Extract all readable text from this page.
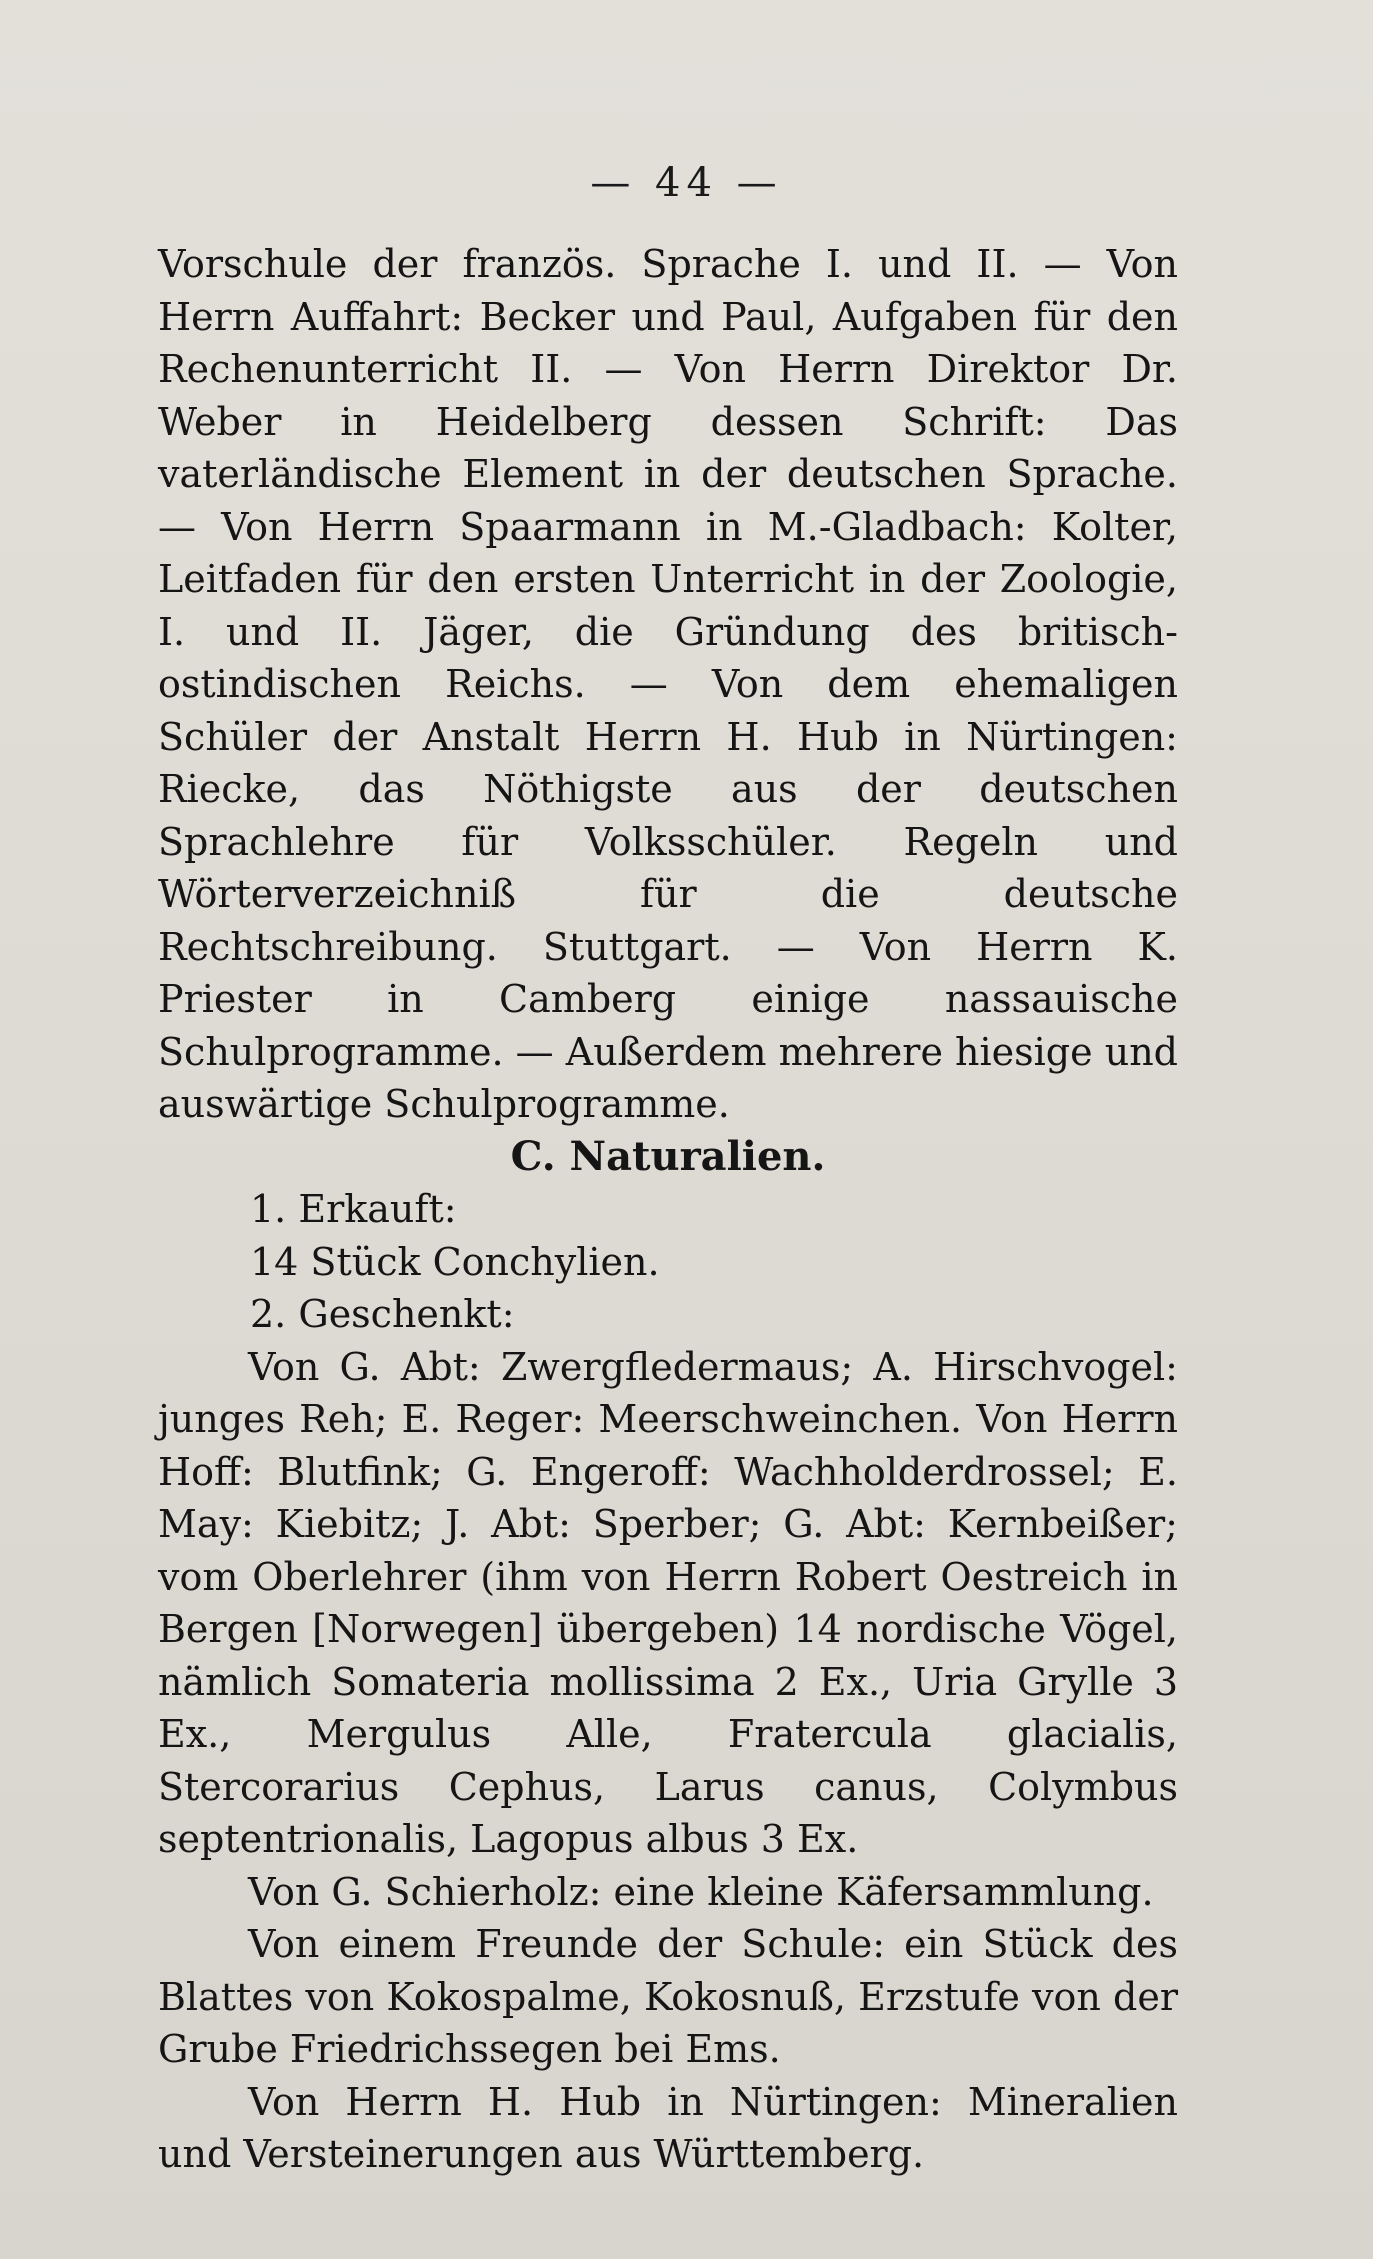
— 44 —

Vorschule der französ. Sprache I. und II. — Von Herrn Auffahrt: Becker und Paul, Aufgaben für den Rechenunterricht II. — Von Herrn Direktor Dr. Weber in Heidelberg dessen Schrift: Das vaterländische Element in der deutschen Sprache. — Von Herrn Spaarmann in M.-Gladbach: Kolter, Leitfaden für den ersten Unterricht in der Zoologie, I. und II. Jäger, die Gründung des britisch-ostindischen Reichs. — Von dem ehemaligen Schüler der Anstalt Herrn H. Hub in Nürtingen: Riecke, das Nöthigste aus der deutschen Sprachlehre für Volksschüler. Regeln und Wörterverzeichniß für die deutsche Rechtschreibung. Stuttgart. — Von Herrn K. Priester in Camberg einige nassauische Schulprogramme. — Außerdem mehrere hiesige und auswärtige Schulprogramme.

C. Naturalien.

1. Erkauft:

14 Stück Conchylien.

2. Geschenkt:

Von G. Abt: Zwergfledermaus; A. Hirschvogel: junges Reh; E. Reger: Meerschweinchen. Von Herrn Hoff: Blutfink; G. Engeroff: Wachholderdrossel; E. May: Kiebitz; J. Abt: Sperber; G. Abt: Kernbeißer; vom Oberlehrer (ihm von Herrn Robert Oestreich in Bergen [Norwegen] übergeben) 14 nordische Vögel, nämlich Somateria mollissima 2 Ex., Uria Grylle 3 Ex., Mergulus Alle, Fratercula glacialis, Stercorarius Cephus, Larus canus, Colymbus septentrionalis, Lagopus albus 3 Ex.

Von G. Schierholz: eine kleine Käfersammlung.

Von einem Freunde der Schule: ein Stück des Blattes von Kokospalme, Kokosnuß, Erzstufe von der Grube Friedrichssegen bei Ems.

Von Herrn H. Hub in Nürtingen: Mineralien und Versteinerungen aus Württemberg.
